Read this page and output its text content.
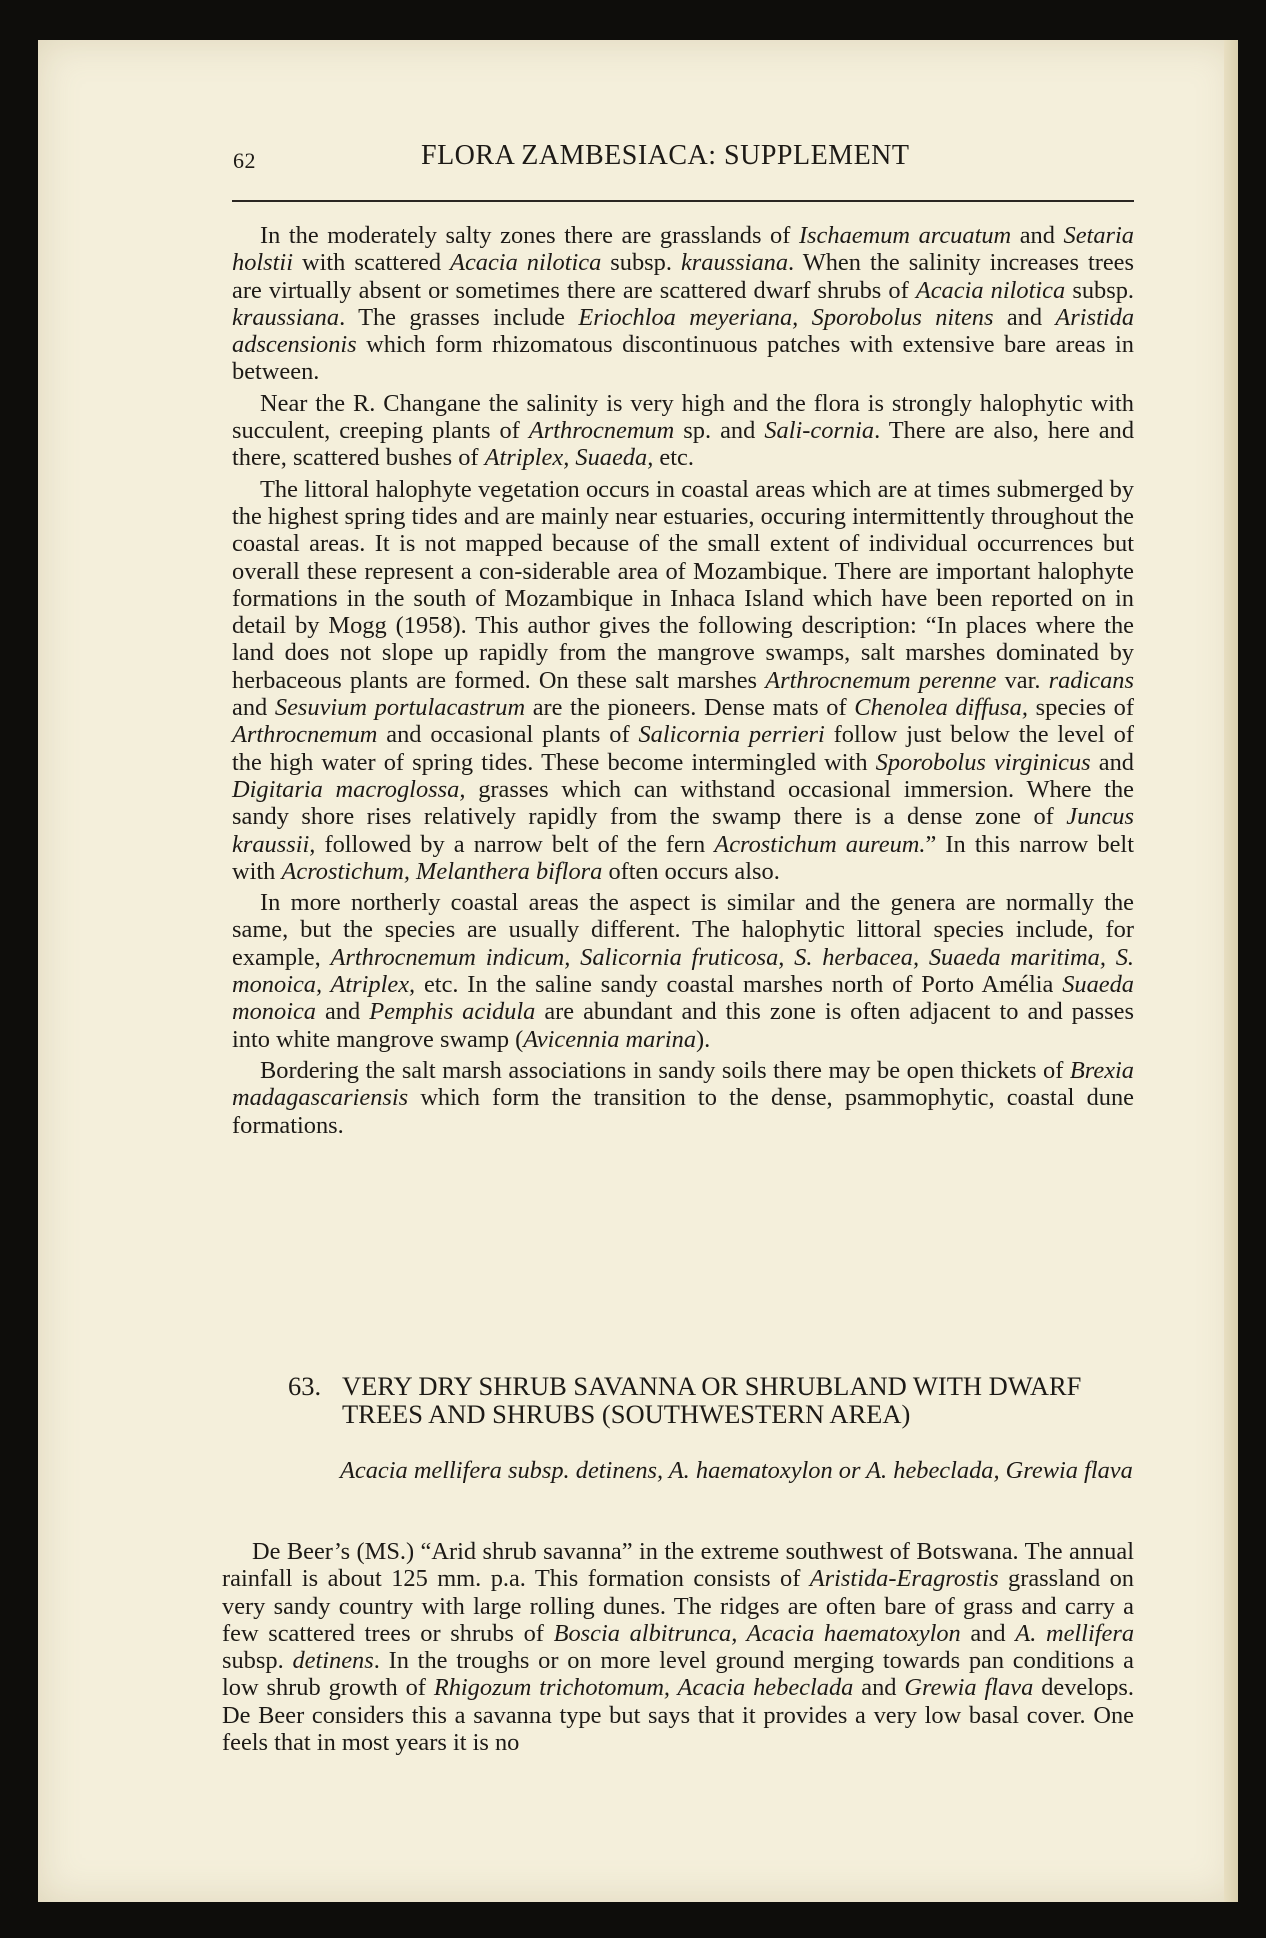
62	FLORA ZAMBESIACA: SUPPLEMENT

In the moderately salty zones there are grasslands of Ischaemum arcuatum and Setaria holstii with scattered Acacia nilotica subsp. kraussiana. When the salinity increases trees are virtually absent or sometimes there are scattered dwarf shrubs of Acacia nilotica subsp. kraussiana. The grasses include Eriochloa meyeriana, Sporobolus nitens and Aristida adscensionis which form rhizomatous discontinuous patches with extensive bare areas in between.

Near the R. Changane the salinity is very high and the flora is strongly halophytic with succulent, creeping plants of Arthrocnemum sp. and Sali-cornia. There are also, here and there, scattered bushes of Atriplex, Suaeda, etc.

The littoral halophyte vegetation occurs in coastal areas which are at times submerged by the highest spring tides and are mainly near estuaries, occuring intermittently throughout the coastal areas. It is not mapped because of the small extent of individual occurrences but overall these represent a con-siderable area of Mozambique. There are important halophyte formations in the south of Mozambique in Inhaca Island which have been reported on in detail by Mogg (1958). This author gives the following description: “In places where the land does not slope up rapidly from the mangrove swamps, salt marshes dominated by herbaceous plants are formed. On these salt marshes Arthrocnemum perenne var. radicans and Sesuvium portulacastrum are the pioneers. Dense mats of Chenolea diffusa, species of Arthrocnemum and occasional plants of Salicornia perrieri follow just below the level of the high water of spring tides. These become intermingled with Sporobolus virginicus and Digitaria macroglossa, grasses which can withstand occasional immersion. Where the sandy shore rises relatively rapidly from the swamp there is a dense zone of Juncus kraussii, followed by a narrow belt of the fern Acrostichum aureum.” In this narrow belt with Acrostichum, Melanthera biflora often occurs also.

In more northerly coastal areas the aspect is similar and the genera are normally the same, but the species are usually different. The halophytic littoral species include, for example, Arthrocnemum indicum, Salicornia fruticosa, S. herbacea, Suaeda maritima, S. monoica, Atriplex, etc. In the saline sandy coastal marshes north of Porto Amélia Suaeda monoica and Pemphis acidula are abundant and this zone is often adjacent to and passes into white mangrove swamp (Avicennia marina).

Bordering the salt marsh associations in sandy soils there may be open thickets of Brexia madagascariensis which form the transition to the dense, psammophytic, coastal dune formations.

63. VERY DRY SHRUB SAVANNA OR SHRUBLAND WITH DWARF TREES AND SHRUBS (SOUTHWESTERN AREA)
Acacia mellifera subsp. detinens, A. haematoxylon or A. hebeclada, Grewia flava

De Beer’s (MS.) “Arid shrub savanna” in the extreme southwest of Botswana. The annual rainfall is about 125 mm. p.a. This formation consists of Aristida-Eragrostis grassland on very sandy country with large rolling dunes. The ridges are often bare of grass and carry a few scattered trees or shrubs of Boscia albitrunca, Acacia haematoxylon and A. mellifera subsp. detinens. In the troughs or on more level ground merging towards pan conditions a low shrub growth of Rhigozum trichotomum, Acacia hebeclada and Grewia flava develops. De Beer considers this a savanna type but says that it provides a very low basal cover. One feels that in most years it is no
